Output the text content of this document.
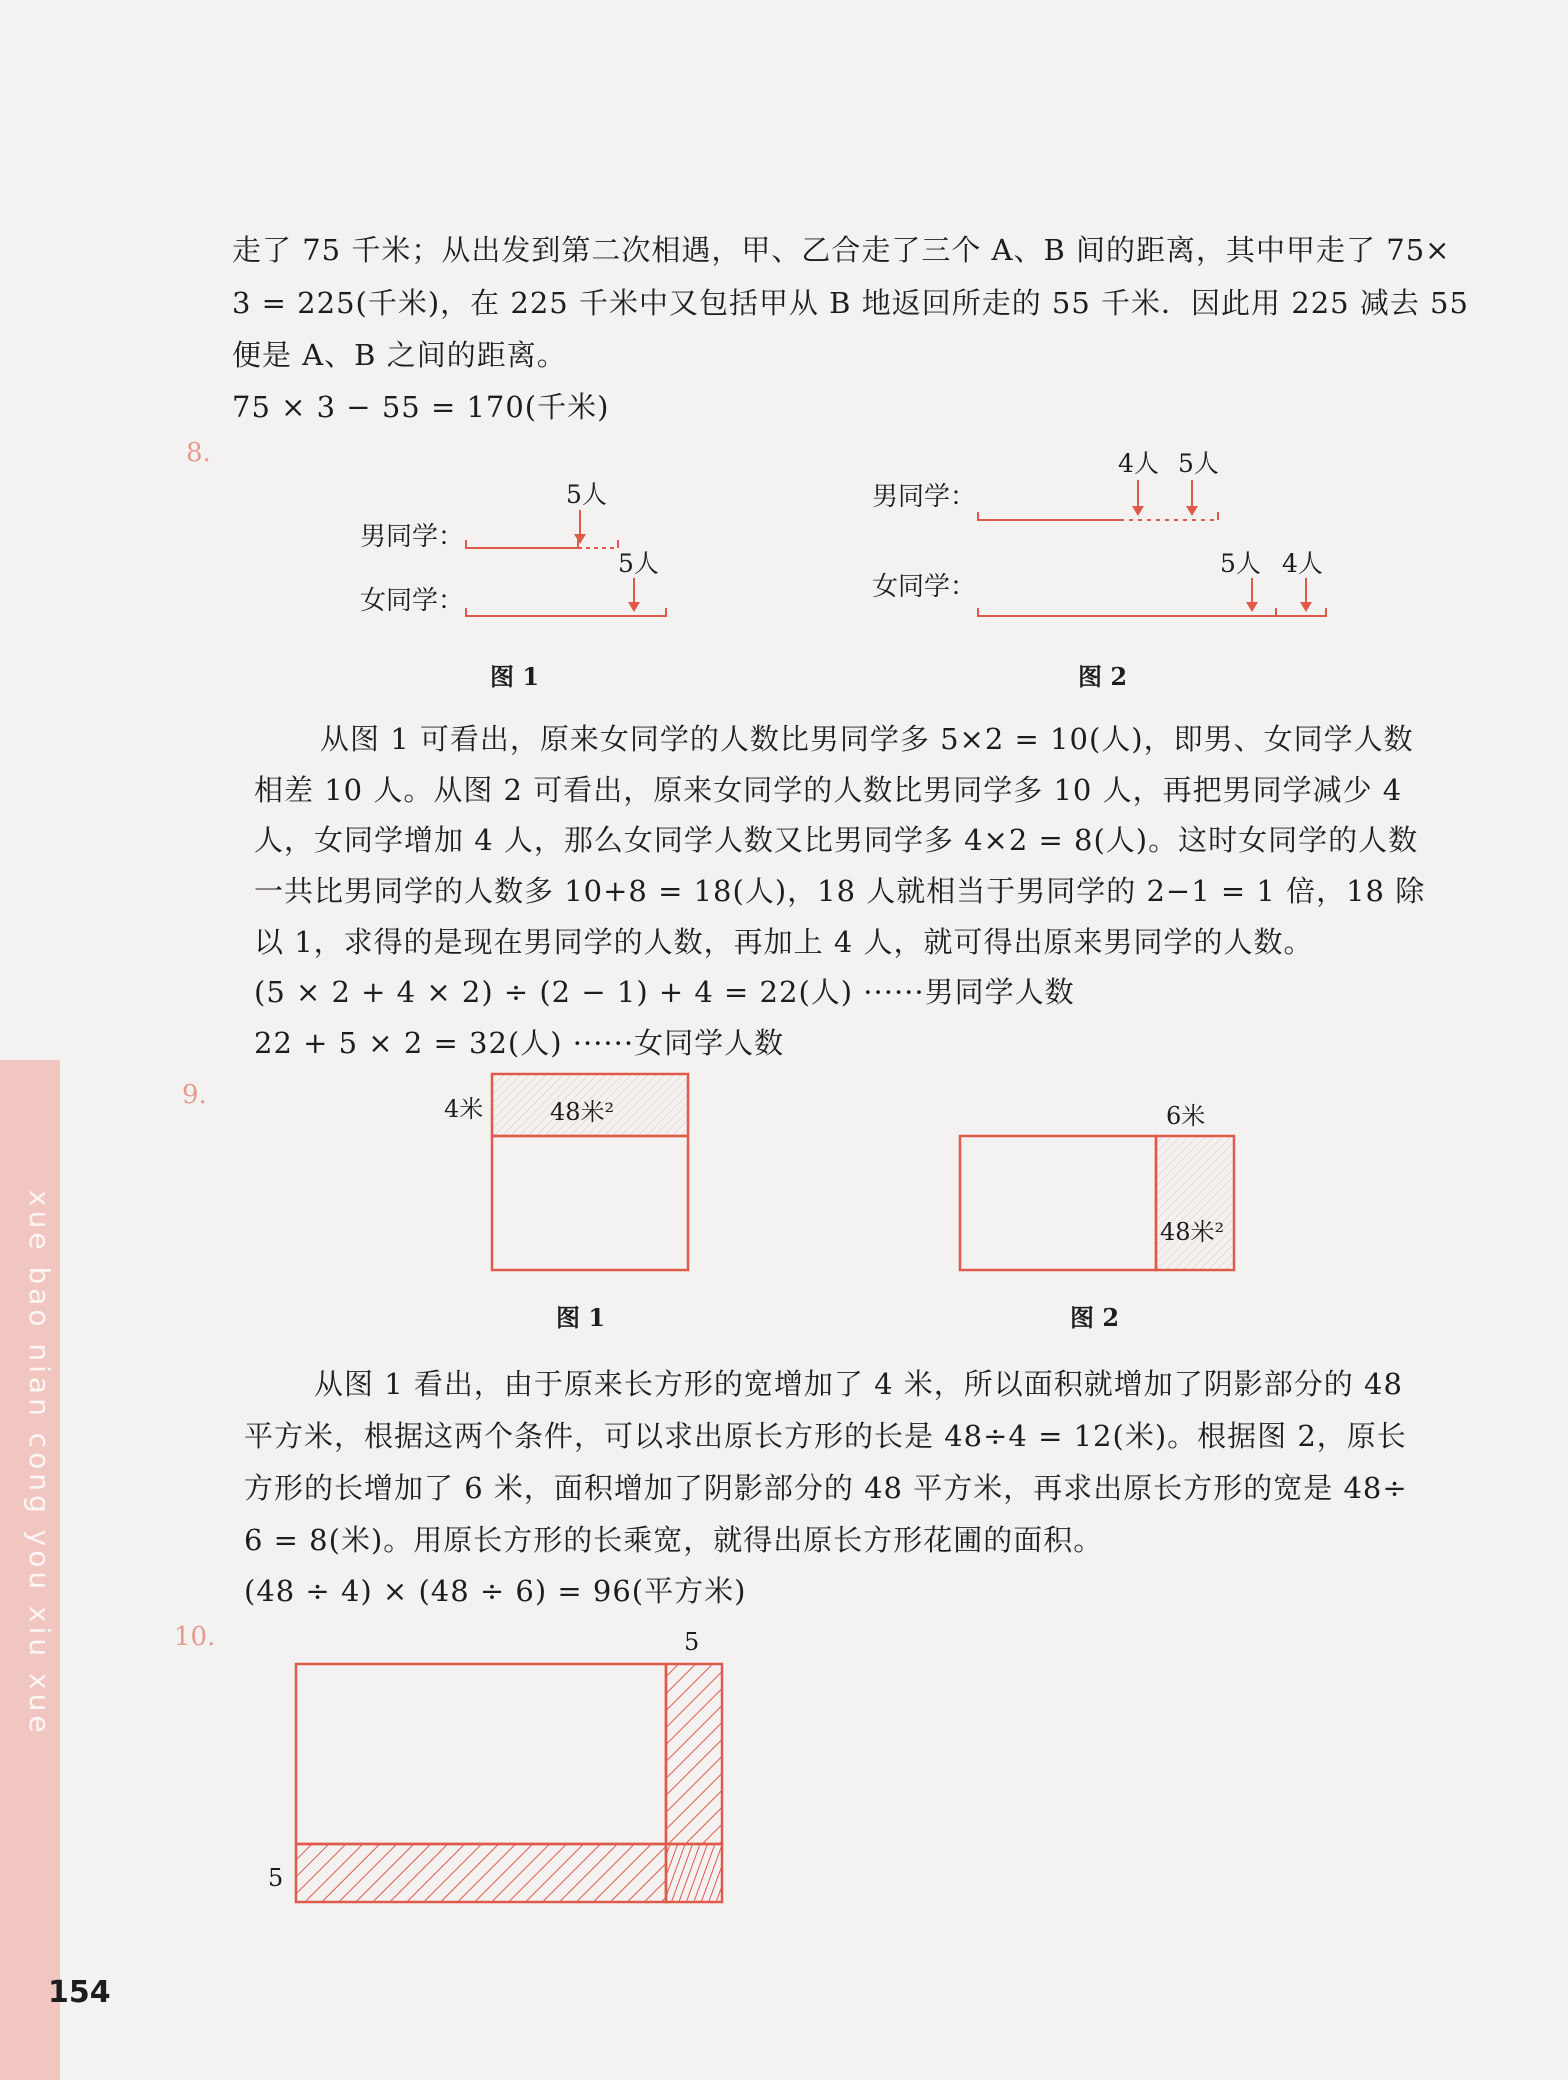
xue bao nian cong you xiu xue
走了 75 千米；从出发到第二次相遇，甲、乙合走了三个 A、B 间的距离，其中甲走了 75×
3 = 225(千米)，在 225 千米中又包括甲从 B 地返回所走的 55 千米．因此用 225 减去 55
便是 A、B 之间的距离。
75 × 3 − 55 = 170(千米)
8.
男同学：
5人
女同学：
5人
男同学：
4人 5人
女同学：
5人 4人
4米	48米²	6米
48米²
5
5
图 1	图 2
从图 1 可看出，原来女同学的人数比男同学多 5×2 = 10(人)，即男、女同学人数
相差 10 人。从图 2 可看出，原来女同学的人数比男同学多 10 人，再把男同学减少 4
人，女同学增加 4 人，那么女同学人数又比男同学多 4×2 = 8(人)。这时女同学的人数
一共比男同学的人数多 10+8 = 18(人)，18 人就相当于男同学的 2−1 = 1 倍，18 除
以 1，求得的是现在男同学的人数，再加上 4 人，就可得出原来男同学的人数。
(5 × 2 + 4 × 2) ÷ (2 − 1) + 4 = 22(人) ······男同学人数
22 + 5 × 2 = 32(人) ······女同学人数
9.
图 1	图 2
从图 1 看出，由于原来长方形的宽增加了 4 米，所以面积就增加了阴影部分的 48
平方米，根据这两个条件，可以求出原长方形的长是 48÷4 = 12(米)。根据图 2，原长
方形的长增加了 6 米，面积增加了阴影部分的 48 平方米，再求出原长方形的宽是 48÷
6 = 8(米)。用原长方形的长乘宽，就得出原长方形花圃的面积。
(48 ÷ 4) × (48 ÷ 6) = 96(平方米)
10.
154
